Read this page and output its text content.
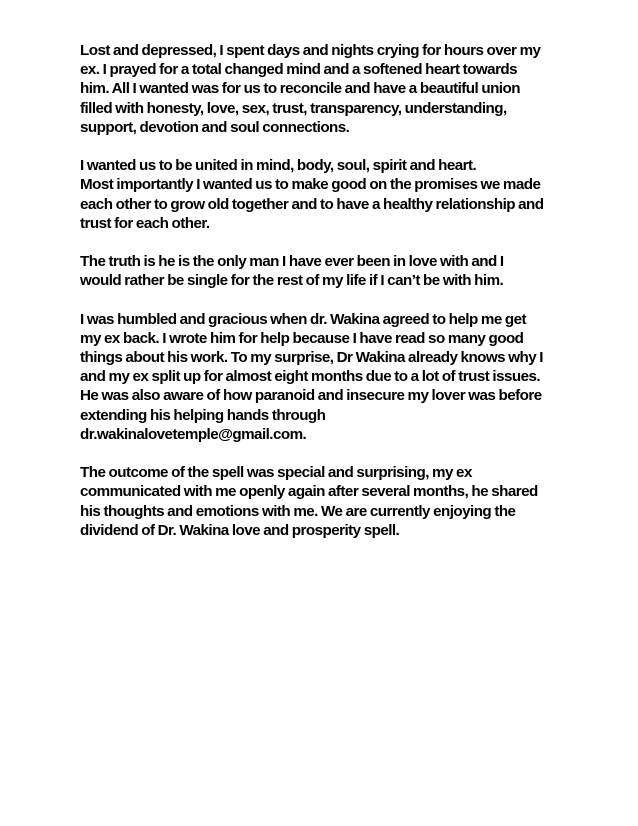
Lost and depressed, I spent days and nights crying for hours over my
ex. I prayed for a total changed mind and a softened heart towards
him. All I wanted was for us to reconcile and have a beautiful union
filled with honesty, love, sex, trust, transparency, understanding,
support, devotion and soul connections.
I wanted us to be united in mind, body, soul, spirit and heart.
Most importantly I wanted us to make good on the promises we made
each other to grow old together and to have a healthy relationship and
trust for each other.
The truth is he is the only man I have ever been in love with and I
would rather be single for the rest of my life if I can’t be with him.
I was humbled and gracious when dr. Wakina agreed to help me get
my ex back. I wrote him for help because I have read so many good
things about his work. To my surprise, Dr Wakina already knows why I
and my ex split up for almost eight months due to a lot of trust issues.
He was also aware of how paranoid and insecure my lover was before
extending his helping hands through
dr.wakinalovetemple@gmail.com.
The outcome of the spell was special and surprising, my ex
communicated with me openly again after several months, he shared
his thoughts and emotions with me. We are currently enjoying the
dividend of Dr. Wakina love and prosperity spell.
